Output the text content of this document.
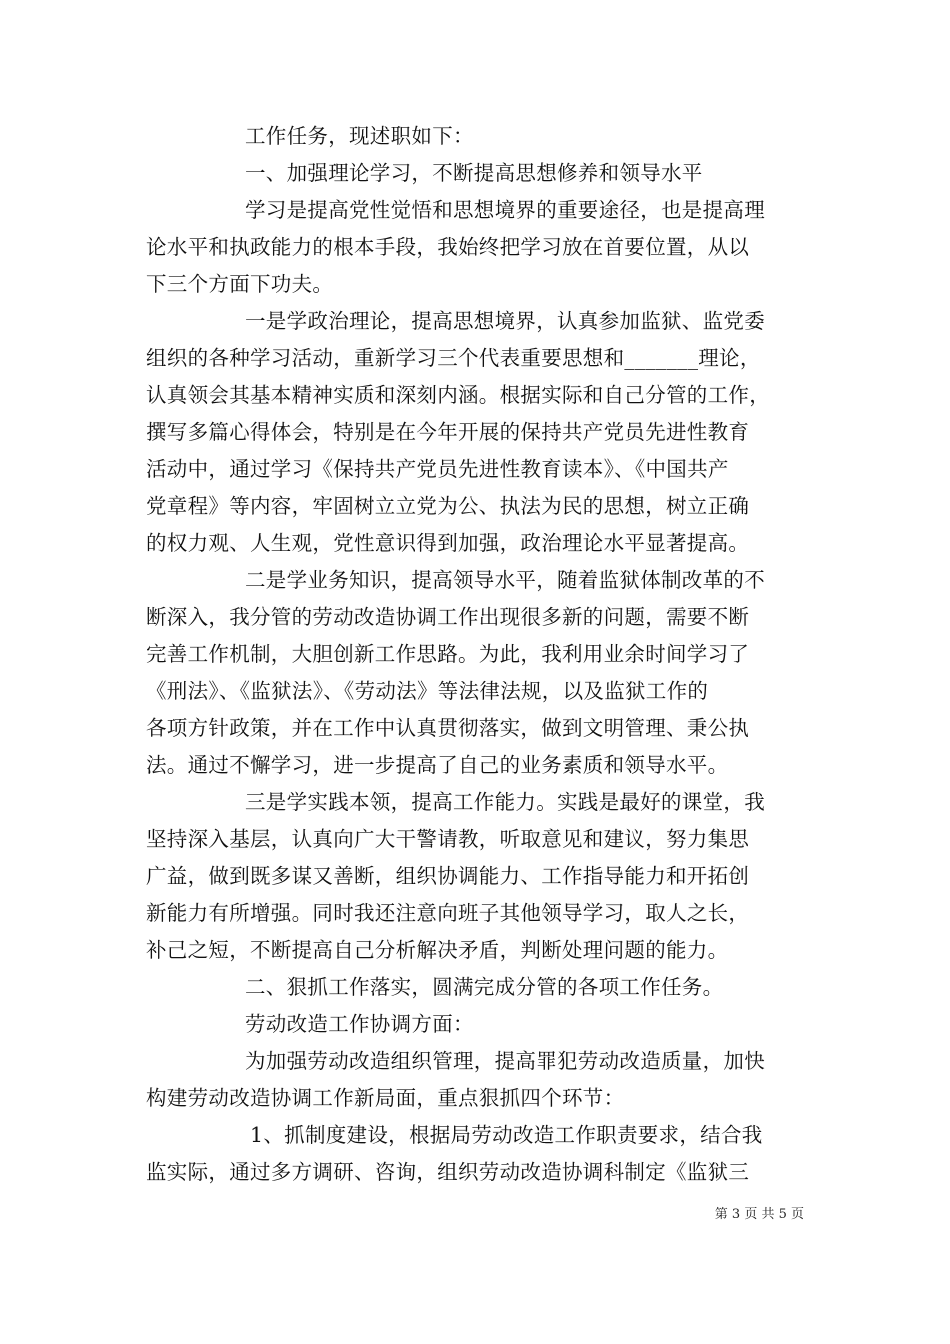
工作任务，现述职如下：
一、加强理论学习，不断提高思想修养和领导水平
学习是提高党性觉悟和思想境界的重要途径，也是提高理
论水平和执政能力的根本手段，我始终把学习放在首要位置，从以
下三个方面下功夫。
一是学政治理论，提高思想境界，认真参加监狱、监党委
组织的各种学习活动，重新学习三个代表重要思想和_______理论，
认真领会其基本精神实质和深刻内涵。根据实际和自己分管的工作，
撰写多篇心得体会，特别是在今年开展的保持共产党员先进性教育
活动中，通过学习《保持共产党员先进性教育读本》、《中国共产
党章程》等内容，牢固树立立党为公、执法为民的思想，树立正确
的权力观、人生观，党性意识得到加强，政治理论水平显著提高。
二是学业务知识，提高领导水平，随着监狱体制改革的不
断深入，我分管的劳动改造协调工作出现很多新的问题，需要不断
完善工作机制，大胆创新工作思路。为此，我利用业余时间学习了
《刑法》、《监狱法》、《劳动法》等法律法规，以及监狱工作的
各项方针政策，并在工作中认真贯彻落实，做到文明管理、秉公执
法。通过不懈学习，进一步提高了自己的业务素质和领导水平。
三是学实践本领，提高工作能力。实践是最好的课堂，我
坚持深入基层，认真向广大干警请教，听取意见和建议，努力集思
广益，做到既多谋又善断，组织协调能力、工作指导能力和开拓创
新能力有所增强。同时我还注意向班子其他领导学习，取人之长，
补己之短，不断提高自己分析解决矛盾，判断处理问题的能力。
二、狠抓工作落实，圆满完成分管的各项工作任务。
劳动改造工作协调方面：
为加强劳动改造组织管理，提高罪犯劳动改造质量，加快
构建劳动改造协调工作新局面，重点狠抓四个环节：
1、抓制度建设，根据局劳动改造工作职责要求，结合我
监实际，通过多方调研、咨询，组织劳动改造协调科制定《监狱三
第 3 页 共 5 页
